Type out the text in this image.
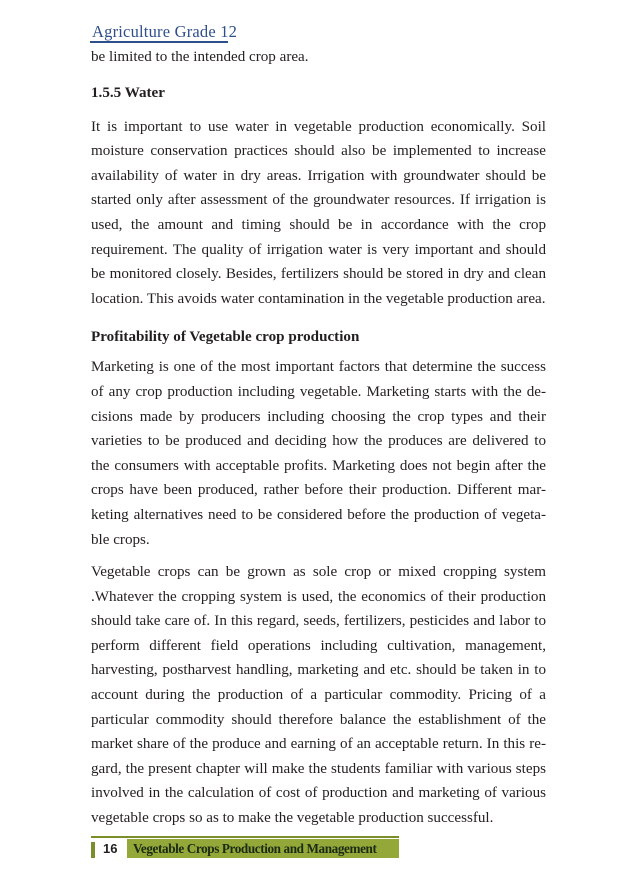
Agriculture Grade 12

be limited to the intended crop area.

1.5.5 Water

It is important to use water in vegetable production economically. Soil moisture conservation practices should also be implemented to increase availability of water in dry areas. Irrigation with groundwater should be started only after assessment of the groundwater resources. If irrigation is used, the amount and timing should be in accordance with the crop requirement. The quality of irrigation water is very important and should be monitored closely. Besides, fertilizers should be stored in dry and clean location. This avoids water contamination in the vegetable production area.

Profitability of Vegetable crop production

Marketing is one of the most important factors that determine the success of any crop production including vegetable. Marketing starts with the de-cisions made by producers including choosing the crop types and their varieties to be produced and deciding how the produces are delivered to the consumers with acceptable profits. Marketing does not begin after the crops have been produced, rather before their production. Different mar-keting alternatives need to be considered before the production of vegeta-ble crops.

Vegetable crops can be grown as sole crop or mixed cropping system .Whatever the cropping system is used, the economics of their production should take care of. In this regard, seeds, fertilizers, pesticides and labor to perform different field operations including cultivation, management, harvesting, postharvest handling, marketing and etc. should be taken in to account during the production of a particular commodity. Pricing of a particular commodity should therefore balance the establishment of the market share of the produce and earning of an acceptable return. In this re-gard, the present chapter will make the students familiar with various steps involved in the calculation of cost of production and marketing of various vegetable crops so as to make the vegetable production successful.

16	Vegetable Crops Production and Management
